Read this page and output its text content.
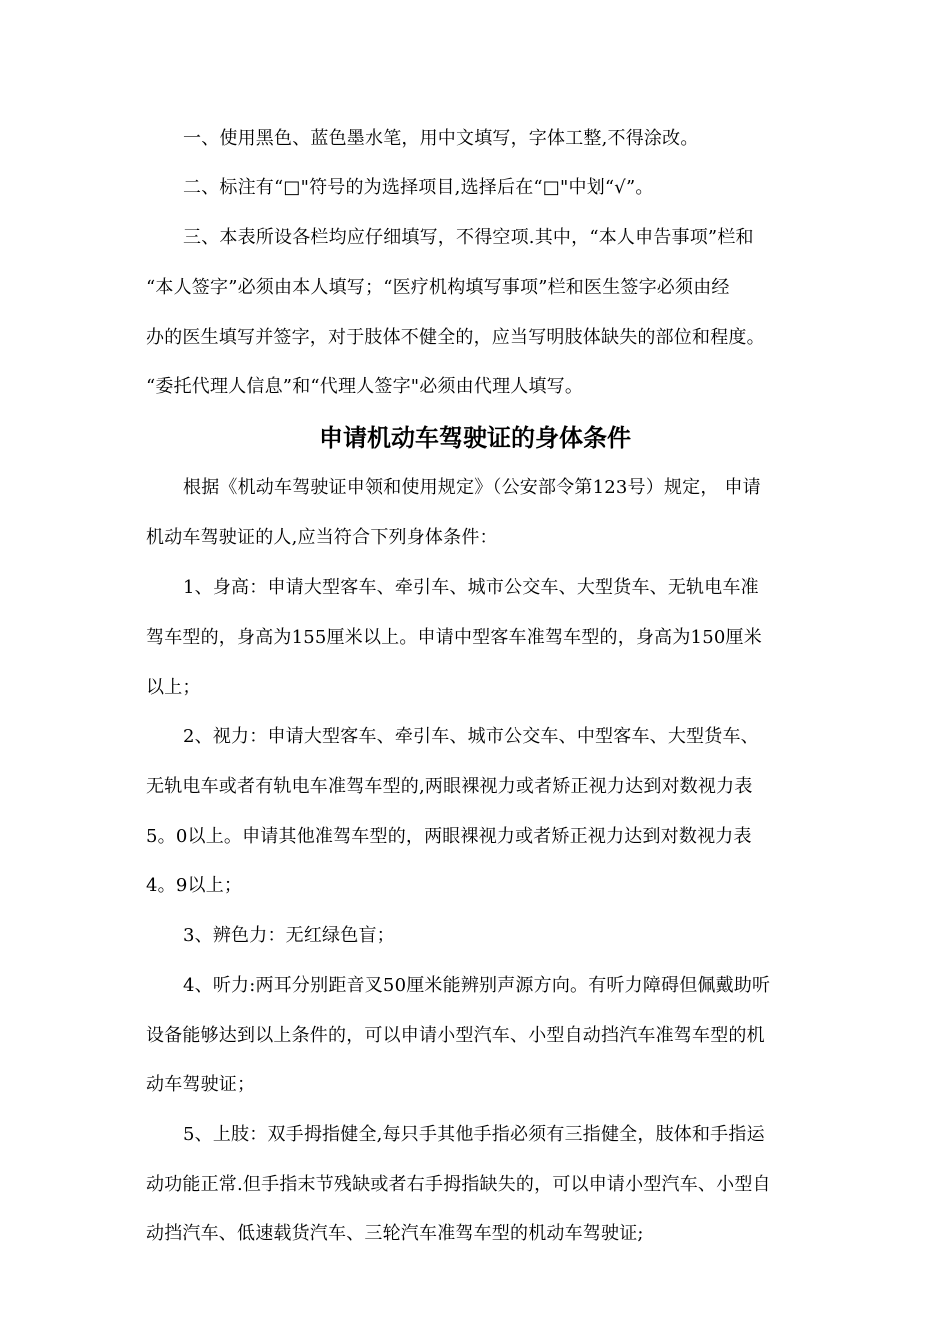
一、使用黑色、蓝色墨水笔，用中文填写，字体工整,不得涂改。
二、标注有“□"符号的为选择项目,选择后在“□"中划“√”。
三、本表所设各栏均应仔细填写，不得空项.其中，“本人申告事项”栏和
“本人签字”必须由本人填写；“医疗机构填写事项”栏和医生签字必须由经
办的医生填写并签字，对于肢体不健全的，应当写明肢体缺失的部位和程度。
“委托代理人信息”和“代理人签字"必须由代理人填写。
申请机动车驾驶证的身体条件
根据《机动车驾驶证申领和使用规定》（公安部令第123号）规定， 申请
机动车驾驶证的人,应当符合下列身体条件：
1、身高：申请大型客车、牵引车、城市公交车、大型货车、无轨电车准
驾车型的，身高为155厘米以上。申请中型客车准驾车型的，身高为150厘米
以上；
2、视力：申请大型客车、牵引车、城市公交车、中型客车、大型货车、
无轨电车或者有轨电车准驾车型的,两眼裸视力或者矫正视力达到对数视力表
5。0以上。申请其他准驾车型的，两眼裸视力或者矫正视力达到对数视力表
4。9以上；
3、辨色力：无红绿色盲；
4、听力:两耳分别距音叉50厘米能辨别声源方向。有听力障碍但佩戴助听
设备能够达到以上条件的，可以申请小型汽车、小型自动挡汽车准驾车型的机
动车驾驶证；
5、上肢：双手拇指健全,每只手其他手指必须有三指健全，肢体和手指运
动功能正常.但手指末节残缺或者右手拇指缺失的，可以申请小型汽车、小型自
动挡汽车、低速载货汽车、三轮汽车准驾车型的机动车驾驶证;
